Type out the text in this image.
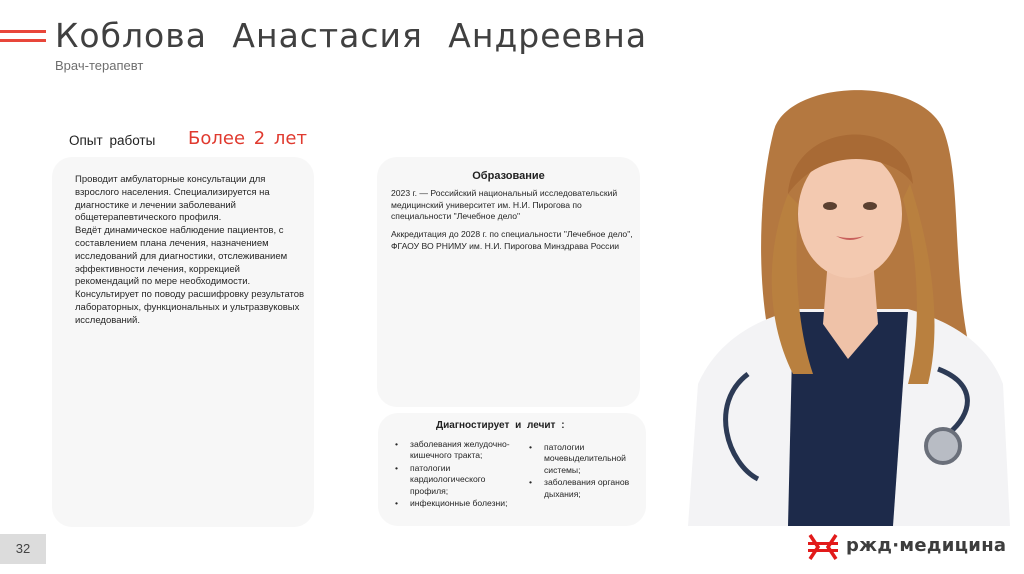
Коблова Анастасия Андреевна
Врач-терапевт
Опыт работы Более 2 лет
Проводит амбулаторные консультации для взрослого населения. Специализируется на диагностике и лечении заболеваний общетерапевтического профиля.
Ведёт динамическое наблюдение пациентов, с составлением плана лечения, назначением исследований для диагностики, отслеживанием эффективности лечения, коррекцией рекомендаций по мере необходимости.
Консультирует по поводу расшифровку результатов лабораторных, функциональных и ультразвуковых исследований.
Образование
2023 г. — Российский национальный исследовательский медицинский университет им. Н.И. Пирогова по специальности "Лечебное дело"
Аккредитация до 2028 г. по специальности "Лечебное дело", ФГАОУ ВО РНИМУ им. Н.И. Пирогова Минздрава России
Диагностирует и лечит :
• заболевания желудочно-кишечного тракта;
• патологии кардиологического профиля;
• инфекционные болезни;
• патологии мочевыделительной системы;
• заболевания органов дыхания;
32	ржд·медицина
